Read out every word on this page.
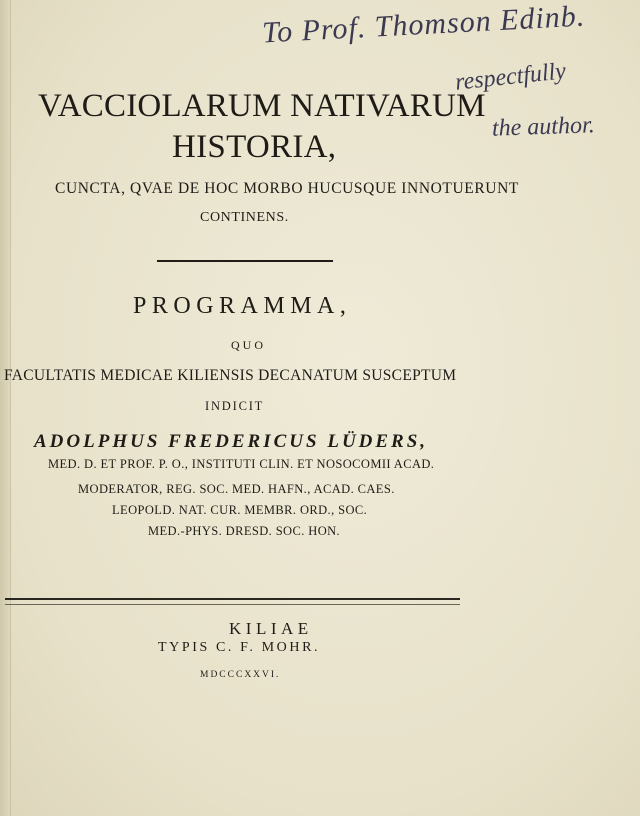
To Prof. Thomson Edinb.
respectfully
the author.
VACCIOLARUM NATIVARUM
HISTORIA,
CUNCTA, QVAE DE HOC MORBO HUCUSQUE INNOTUERUNT
CONTINENS.
PROGRAMMA,
QUO
FACULTATIS MEDICAE KILIENSIS DECANATUM SUSCEPTUM
INDICIT
ADOLPHUS FREDERICUS LÜDERS,
MED. D. ET PROF. P. O., INSTITUTI CLIN. ET NOSOCOMII ACAD.
MODERATOR, REG. SOC. MED. HAFN., ACAD. CAES.
LEOPOLD. NAT. CUR. MEMBR. ORD., SOC.
MED.-PHYS. DRESD. SOC. HON.
KILIAE
TYPIS C. F. MOHR.
MDCCCXXVI.
